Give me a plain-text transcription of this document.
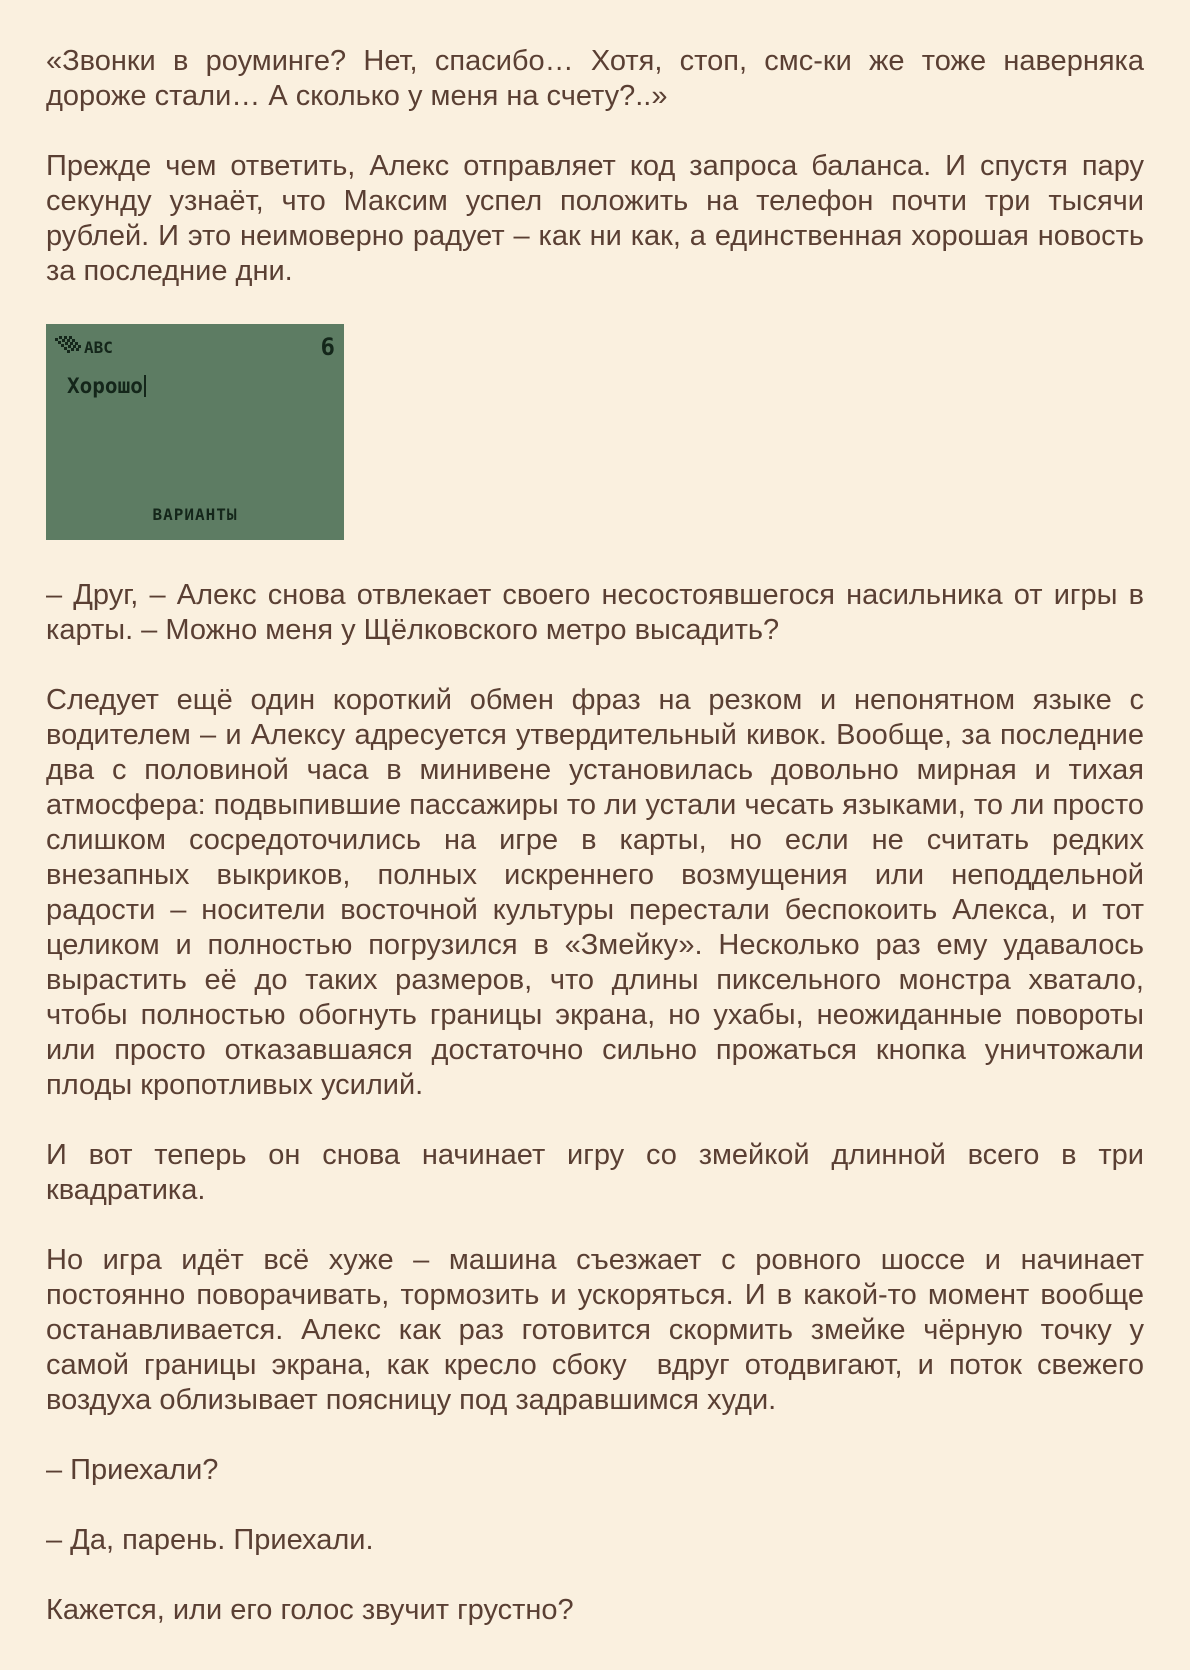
«Звонки в роуминге? Нет, спасибо… Хотя, стоп, смс-ки же тоже наверняка дороже стали… А сколько у меня на счету?..»

Прежде чем ответить, Алекс отправляет код запроса баланса. И спустя пару секунду узнаёт, что Максим успел положить на телефон почти три тысячи рублей. И это неимоверно радует – как ни как, а единственная хорошая новость за последние дни.

ABC	6
Хорошо
ВАРИАНТЫ

– Друг, – Алекс снова отвлекает своего несостоявшегося насильника от игры в карты. – Можно меня у Щёлковского метро высадить?

Следует ещё один короткий обмен фраз на резком и непонятном языке с водителем – и Алексу адресуется утвердительный кивок. Вообще, за последние два с половиной часа в минивене установилась довольно мирная и тихая атмосфера: подвыпившие пассажиры то ли устали чесать языками, то ли просто слишком сосредоточились на игре в карты, но если не считать редких внезапных выкриков, полных искреннего возмущения или неподдельной радости – носители восточной культуры перестали беспокоить Алекса, и тот целиком и полностью погрузился в «Змейку». Несколько раз ему удавалось вырастить её до таких размеров, что длины пиксельного монстра хватало, чтобы полностью обогнуть границы экрана, но ухабы, неожиданные повороты или просто отказавшаяся достаточно сильно прожаться кнопка уничтожали плоды кропотливых усилий.

И вот теперь он снова начинает игру со змейкой длинной всего в три квадратика.

Но игра идёт всё хуже – машина съезжает с ровного шоссе и начинает постоянно поворачивать, тормозить и ускоряться. И в какой-то момент вообще останавливается. Алекс как раз готовится скормить змейке чёрную точку у самой границы экрана, как кресло сбоку  вдруг отодвигают, и поток свежего воздуха облизывает поясницу под задравшимся худи.

– Приехали?

– Да, парень. Приехали.

Кажется, или его голос звучит грустно?
